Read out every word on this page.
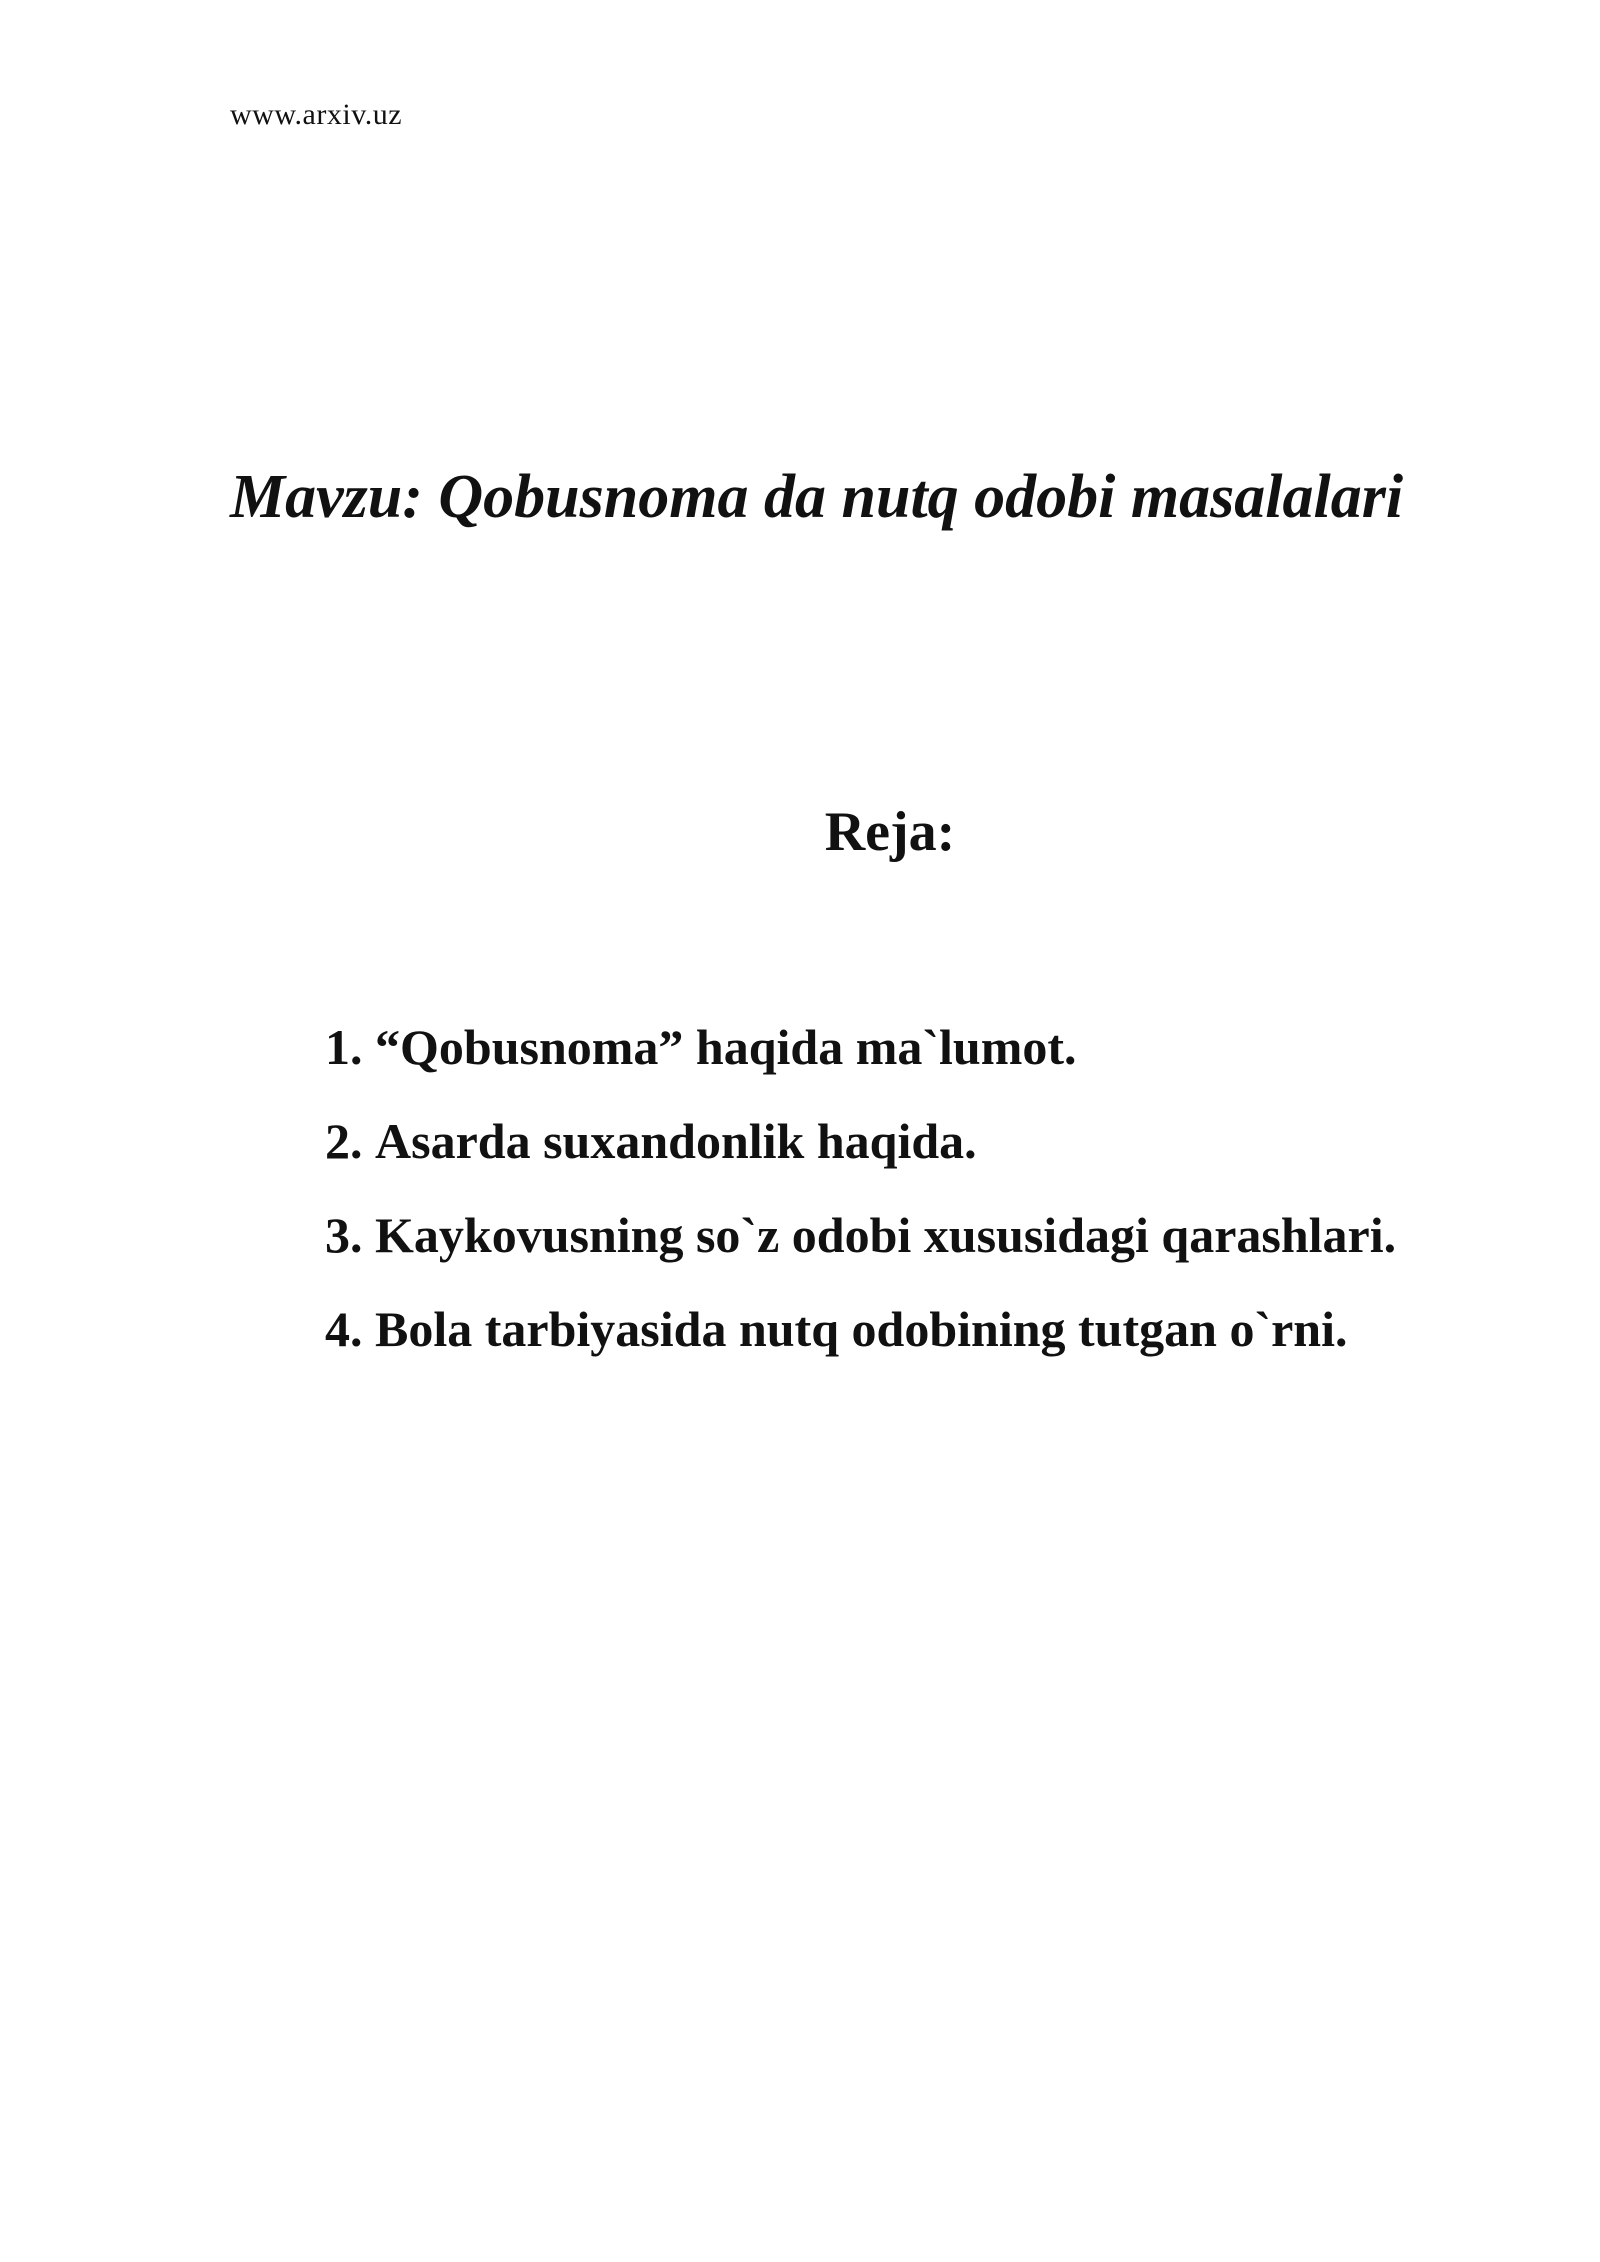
www.arxiv.uz
Mavzu: Qobusnoma da nutq odobi masalalari
Reja:
1. “Qobusnoma” haqida ma`lumot.
2. Asarda suxandonlik haqida.
3. Kaykovusning so`z odobi xususidagi qarashlari.
4. Bola tarbiyasida nutq odobining tutgan o`rni.
